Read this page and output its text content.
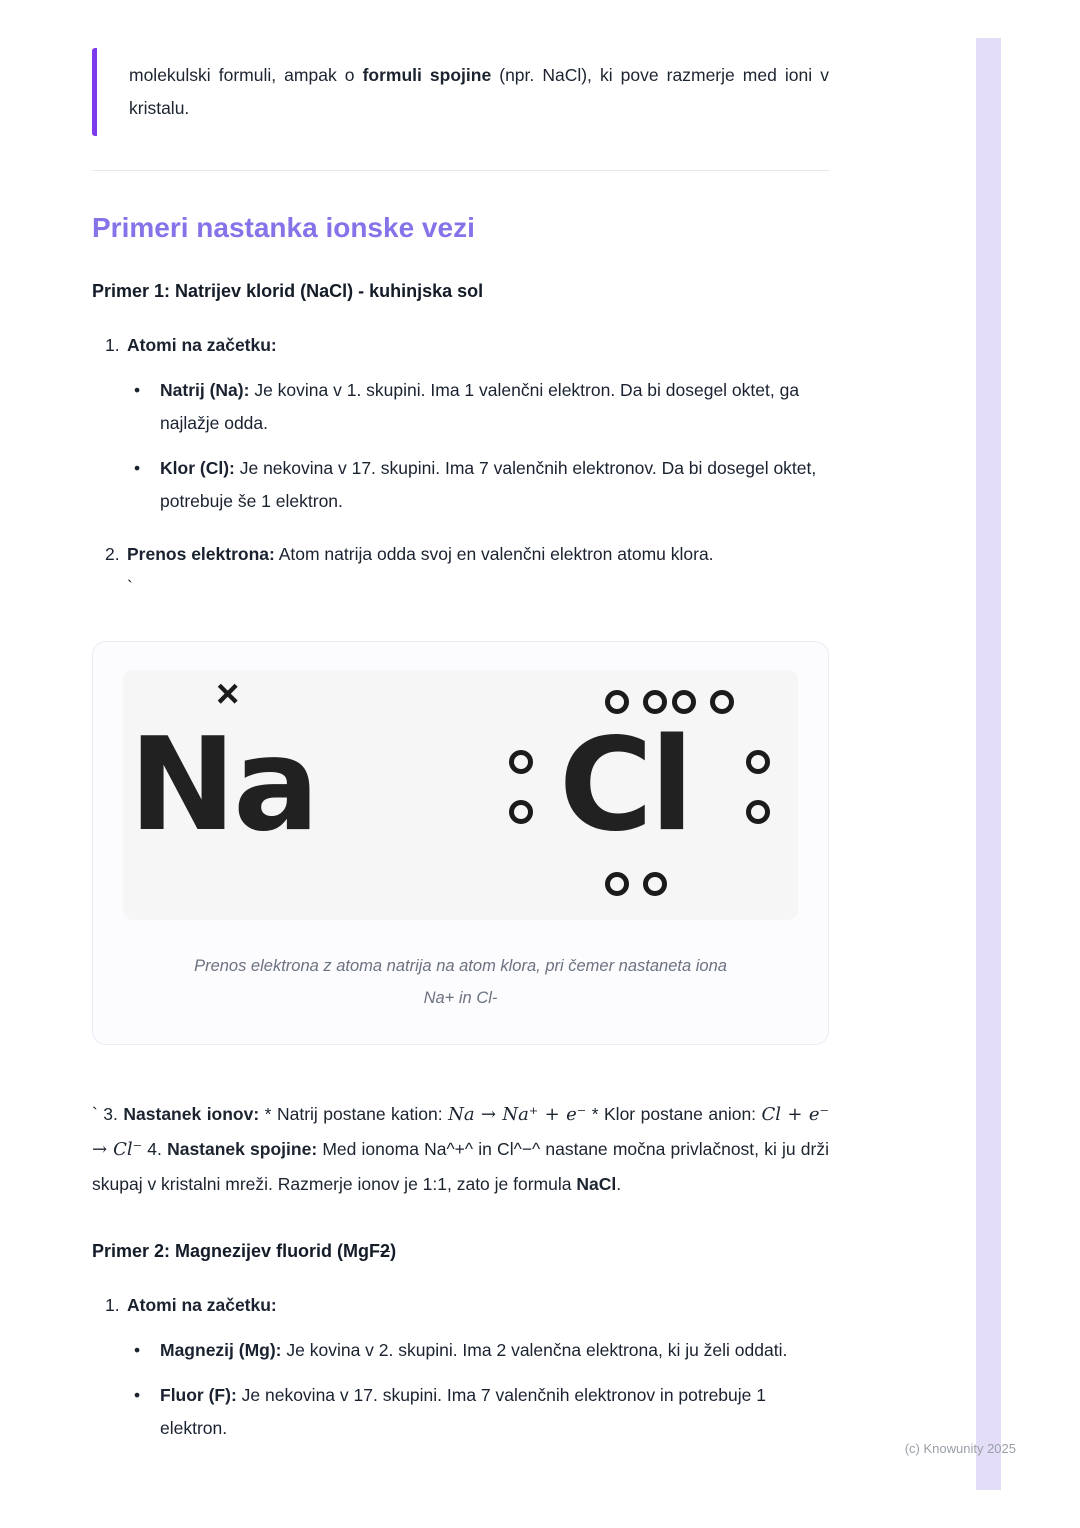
(c) Knowunity 2025

molekulski formuli, ampak o formuli spojine (npr. NaCl), ki pove razmerje med ioni v kristalu.

Primeri nastanka ionske vezi

Primer 1: Natrijev klorid (NaCl) - kuhinjska sol

1. Atomi na začetku:
•
Natrij (Na): Je kovina v 1. skupini. Ima 1 valenčni elektron. Da bi dosegel oktet, ga najlažje odda.
•
Klor (Cl): Je nekovina v 17. skupini. Ima 7 valenčnih elektronov. Da bi dosegel oktet, potrebuje še 1 elektron.
2. Prenos elektrona: Atom natrija odda svoj en valenčni elektron atomu klora.
`
×
Na Cl

Prenos elektrona z atoma natrija na atom klora, pri čemer nastaneta iona
Na+ in Cl-

` 3. Nastanek ionov: * Natrij postane kation: Na → Na⁺ + e⁻ * Klor postane anion: Cl + e⁻ → Cl⁻ 4. Nastanek spojine: Med ionoma Na^+^ in Cl^−^ nastane močna privlačnost, ki ju drži skupaj v kristalni mreži. Razmerje ionov je 1:1, zato je formula NaCl.

Primer 2: Magnezijev fluorid (MgF2)

1. Atomi na začetku:
•
Magnezij (Mg): Je kovina v 2. skupini. Ima 2 valenčna elektrona, ki ju želi oddati.
•
Fluor (F): Je nekovina v 17. skupini. Ima 7 valenčnih elektronov in potrebuje 1 elektron.
